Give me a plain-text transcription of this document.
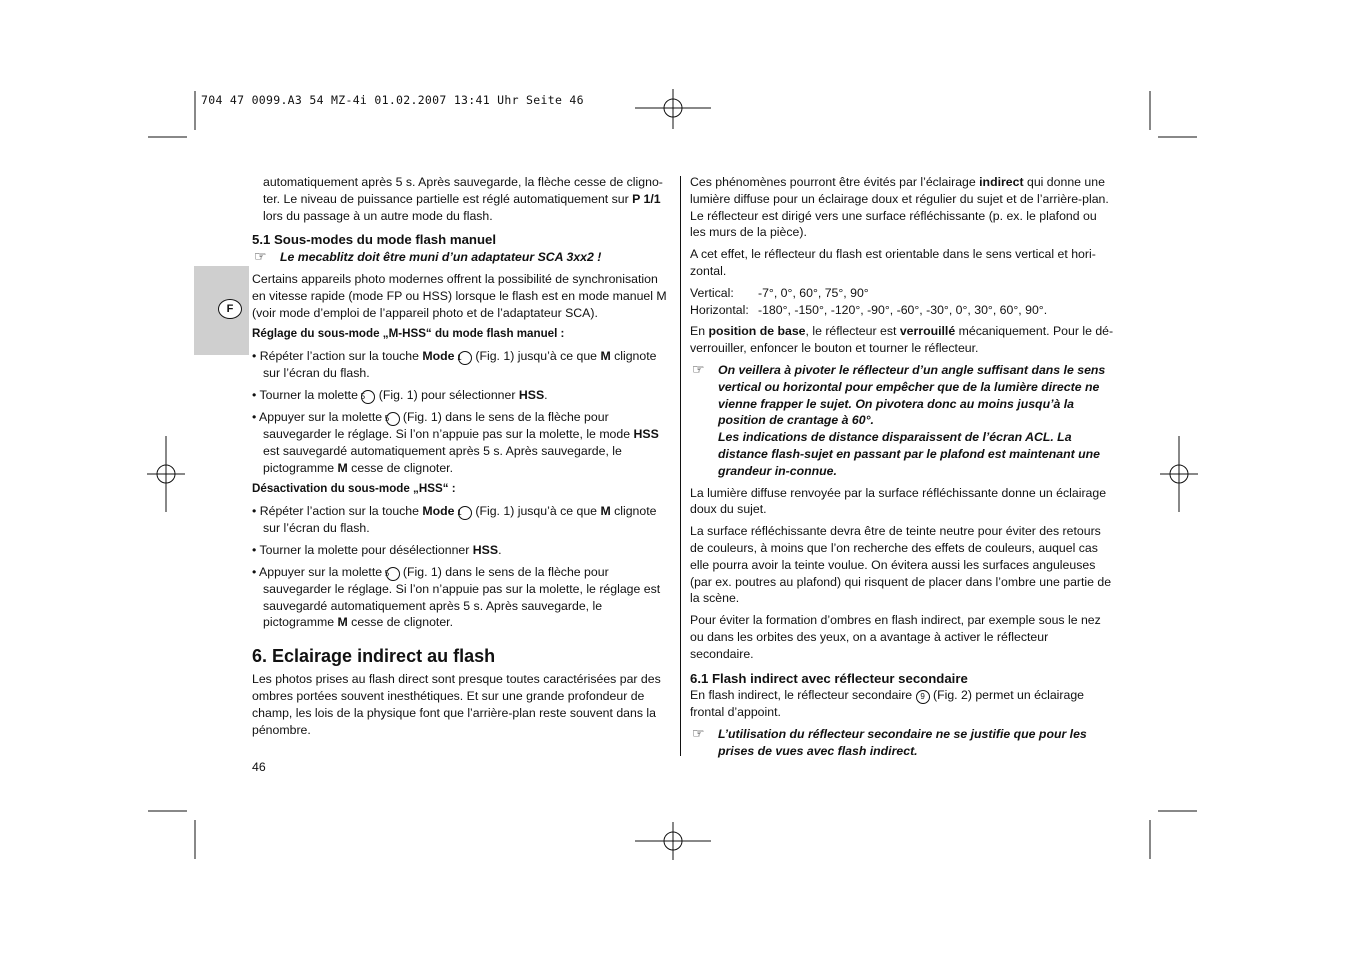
704 47 0099.A3 54 MZ-4i 01.02.2007 13:41 Uhr Seite 46
F

automatiquement après 5 s. Après sauvegarde, la flèche cesse de cligno-ter. Le niveau de puissance partielle est réglé automatiquement sur P 1/1 lors du passage à un autre mode du flash.

5.1 Sous-modes du mode flash manuel

☞ Le mecablitz doit être muni d’un adaptateur SCA 3xx2 !

Certains appareils photo modernes offrent la possibilité de synchronisation en vitesse rapide (mode FP ou HSS) lorsque le flash est en mode manuel M (voir mode d’emploi de l’appareil photo et de l’adaptateur SCA).

Réglage du sous-mode „M-HSS“ du mode flash manuel :

• Répéter l’action sur la touche Mode 1 (Fig. 1) jusqu’à ce que M clignote sur l’écran du flash.

• Tourner la molette 5 (Fig. 1) pour sélectionner HSS.

• Appuyer sur la molette 5 (Fig. 1) dans le sens de la flèche pour sauvegarder le réglage. Si l’on n’appuie pas sur la molette, le mode HSS est sauvegardé automatiquement après 5 s. Après sauvegarde, le pictogramme M cesse de clignoter.

Désactivation du sous-mode „HSS“ :

• Répéter l’action sur la touche Mode 1 (Fig. 1) jusqu’à ce que M clignote sur l’écran du flash.

• Tourner la molette pour désélectionner HSS.

• Appuyer sur la molette 5 (Fig. 1) dans le sens de la flèche pour sauvegarder le réglage. Si l’on n’appuie pas sur la molette, le réglage est sauvegardé automatiquement après 5 s. Après sauvegarde, le pictogramme M cesse de clignoter.

6. Eclairage indirect au flash

Les photos prises au flash direct sont presque toutes caractérisées par des ombres portées souvent inesthétiques. Et sur une grande profondeur de champ, les lois de la physique font que l’arrière-plan reste souvent dans la pénombre.

Ces phénomènes pourront être évités par l’éclairage indirect qui donne une lumière diffuse pour un éclairage doux et régulier du sujet et de l’arrière-plan. Le réflecteur est dirigé vers une surface réfléchissante (p. ex. le plafond ou les murs de la pièce).

A cet effet, le réflecteur du flash est orientable dans le sens vertical et hori-zontal.

Vertical:	-7°, 0°, 60°, 75°, 90°
Horizontal: -180°, -150°, -120°, -90°, -60°, -30°, 0°, 30°, 60°, 90°.

En position de base, le réflecteur est verrouillé mécaniquement. Pour le dé-verrouiller, enfoncer le bouton et tourner le réflecteur.

☞ On veillera à pivoter le réflecteur d’un angle suffisant dans le sens vertical ou horizontal pour empêcher que de la lumière directe ne vienne frapper le sujet. On pivotera donc au moins jusqu’à la position de crantage à 60°.
Les indications de distance disparaissent de l’écran ACL. La distance flash-sujet en passant par le plafond est maintenant une grandeur in-connue.

La lumière diffuse renvoyée par la surface réfléchissante donne un éclairage doux du sujet.

La surface réfléchissante devra être de teinte neutre pour éviter des retours de couleurs, à moins que l’on recherche des effets de couleurs, auquel cas elle pourra avoir la teinte voulue. On évitera aussi les surfaces anguleuses (par ex. poutres au plafond) qui risquent de placer dans l’ombre une partie de la scène.

Pour éviter la formation d’ombres en flash indirect, par exemple sous le nez ou dans les orbites des yeux, on a avantage à activer le réflecteur secondaire.

6.1 Flash indirect avec réflecteur secondaire

En flash indirect, le réflecteur secondaire 9 (Fig. 2) permet un éclairage frontal d’appoint.

☞ L’utilisation du réflecteur secondaire ne se justifie que pour les prises de vues avec flash indirect.

46
